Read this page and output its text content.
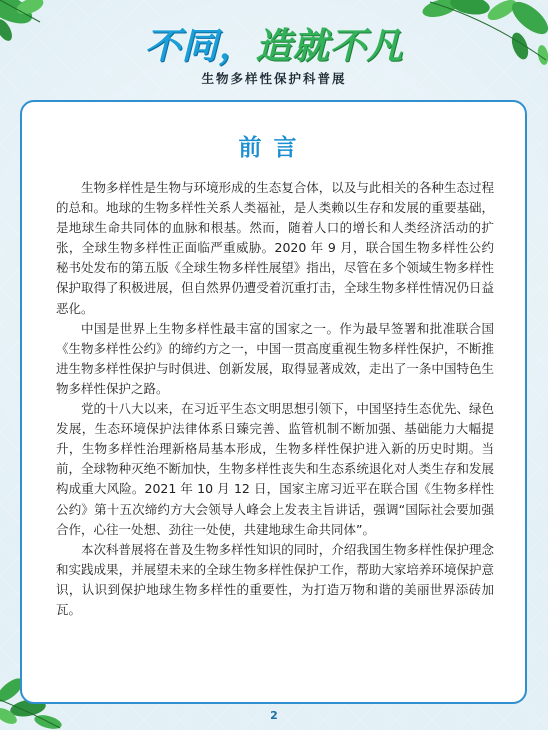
不同，造就不凡
生物多样性保护科普展
前言

生物多样性是生物与环境形成的生态复合体，以及与此相关的各种生态过程的总和。地球的生物多样性关系人类福祉，是人类赖以生存和发展的重要基础，是地球生命共同体的血脉和根基。然而，随着人口的增长和人类经济活动的扩张，全球生物多样性正面临严重威胁。2020 年 9 月，联合国生物多样性公约秘书处发布的第五版《全球生物多样性展望》指出，尽管在多个领域生物多样性保护取得了积极进展，但自然界仍遭受着沉重打击，全球生物多样性情况仍日益恶化。

中国是世界上生物多样性最丰富的国家之一。作为最早签署和批准联合国《生物多样性公约》的缔约方之一，中国一贯高度重视生物多样性保护，不断推进生物多样性保护与时俱进、创新发展，取得显著成效，走出了一条中国特色生物多样性保护之路。

党的十八大以来，在习近平生态文明思想引领下，中国坚持生态优先、绿色发展，生态环境保护法律体系日臻完善、监管机制不断加强、基础能力大幅提升，生物多样性治理新格局基本形成，生物多样性保护进入新的历史时期。当前，全球物种灭绝不断加快，生物多样性丧失和生态系统退化对人类生存和发展构成重大风险。2021 年 10 月 12 日，国家主席习近平在联合国《生物多样性公约》第十五次缔约方大会领导人峰会上发表主旨讲话，强调“国际社会要加强合作，心往一处想、劲往一处使，共建地球生命共同体”。

本次科普展将在普及生物多样性知识的同时，介绍我国生物多样性保护理念和实践成果，并展望未来的全球生物多样性保护工作，帮助大家培养环境保护意识，认识到保护地球生物多样性的重要性，为打造万物和谐的美丽世界添砖加瓦。

2
